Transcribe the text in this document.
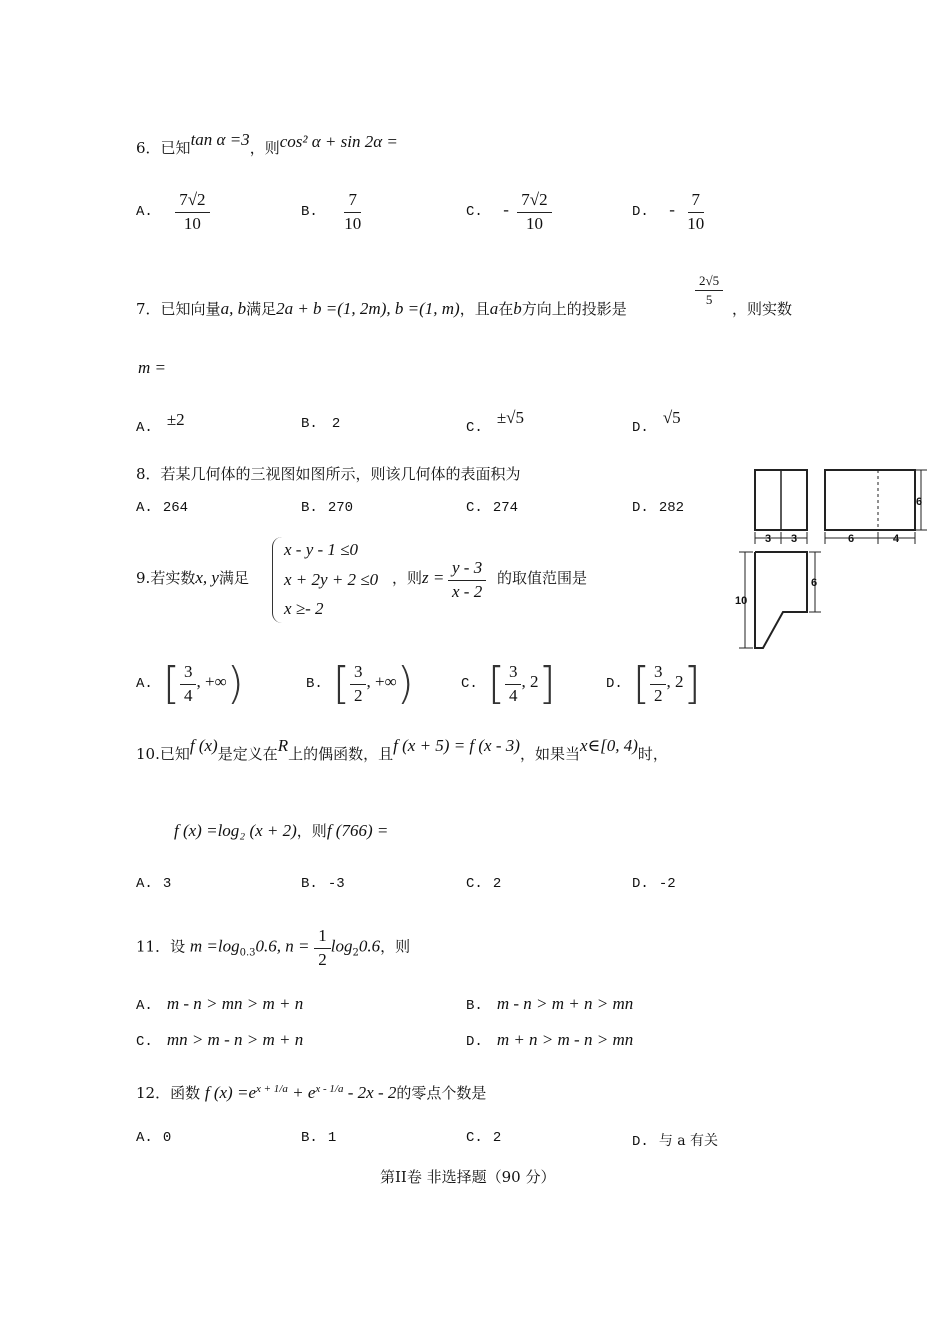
6．已知tan α =3，则cos² α + sin 2α =
A. $\frac{7√2}{10}$	B. $\frac{7}{10}$	C. - $\frac{7√2}{10}$	D. - $\frac{7}{10}$
7．已知向量a, b满足2a + b =(1, 2m), b =(1, m)，且a在b方向上的投影是	$\frac{2√5}{5}$ ，则实数
m =
A. ±2	B. 2	C.±√5
D.√5
8．若某几何体的三视图如图所示，则该几何体的表面积为
A. 264	B. 270	C. 274	D. 282
3 3	6	4
6
10
6
9.若实数x, y满足
x - y - 1 ≤0
x + 2y + 2 ≤0
x ≥- 2
，则$z = \frac{y - 3}{x - 2}$ 的取值范围是
A. [ $\frac{3}{4}$ , +∞)	B. [ $\frac{3}{2}$ , +∞)	C. [ $\frac{3}{4}$ , 2]	D. [ $\frac{3}{2}$ , 2]
10.已知f (x)是定义在R上的偶函数，且f (x + 5) = f (x - 3)，如果当x∈[0, 4)时，
f (x) =log₂ (x + 2)，则f (766) =
A. 3	B. -3	C. 2	D. -2
11．设 $m =\log_{0.3}0.6$, $n = \frac{1}{2} \log_20.6$，则
A. m - n > mn > m + n	B. m - n > m + n > mn
C. mn > m - n > m + n	D. m + n > m - n > mn
12．函数 f $(x) =e^{x + 1/a} + e^{x - 1/a} - 2x - 2$的零点个数是
A. 0	B. 1	C. 2	D. 与 a 有关
第II卷 非选择题（90 分）
